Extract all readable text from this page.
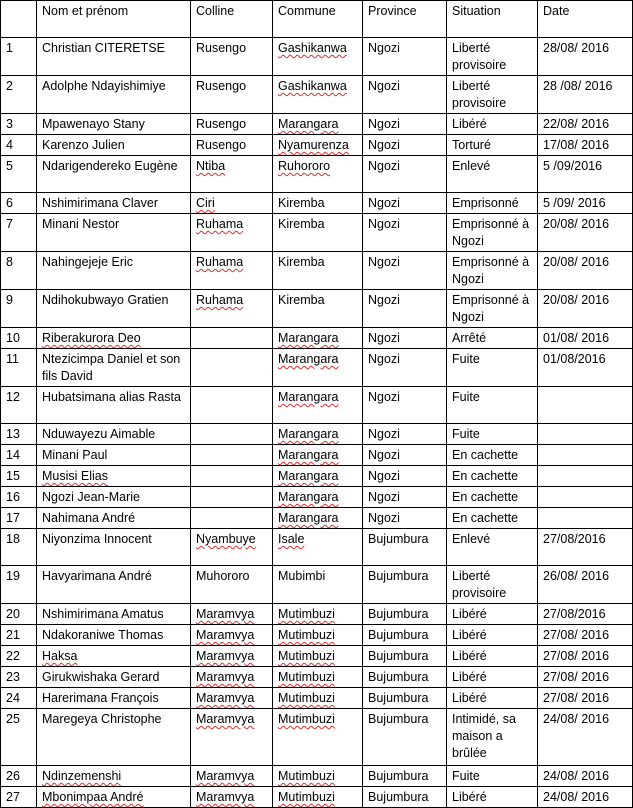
	Nom et prénom	Colline	Commune	Province	Situation	Date
1	Christian CITERETSE	Rusengo	Gashikanwa	Ngozi	Liberté provisoire	28/08/ 2016
2	Adolphe Ndayishimiye	Rusengo	Gashikanwa	Ngozi	Liberté provisoire	28 /08/ 2016
3	Mpawenayo Stany	Rusengo	Marangara	Ngozi	Libéré	22/08/ 2016
4	Karenzo Julien	Rusengo	Nyamurenza	Ngozi	Torturé	17/08/ 2016
5	Ndarigendereko Eugène	Ntiba	Ruhororo	Ngozi	Enlevé	5 /09/2016
6	Nshimirimana Claver	Ciri	Kiremba	Ngozi	Emprisonné	5 /09/ 2016
7	Minani Nestor	Ruhama	Kiremba	Ngozi	Emprisonné à Ngozi	20/08/ 2016
8	Nahingejeje Eric	Ruhama	Kiremba	Ngozi	Emprisonné à Ngozi	20/08/ 2016
9	Ndihokubwayo Gratien	Ruhama	Kiremba	Ngozi	Emprisonné à Ngozi	20/08/ 2016
10	Riberakurora Deo		Marangara	Ngozi	Arrêté	01/08/ 2016
11	Ntezicimpa Daniel et son fils David		Marangara	Ngozi	Fuite	01/08/2016
12	Hubatsimana alias Rasta		Marangara	Ngozi	Fuite	
13	Nduwayezu Aimable		Marangara	Ngozi	Fuite	
14	Minani Paul		Marangara	Ngozi	En cachette	
15	Musisi Elias		Marangara	Ngozi	En cachette	
16	Ngozi Jean-Marie		Marangara	Ngozi	En cachette	
17	Nahimana André		Marangara	Ngozi	En cachette	
18	Niyonzima Innocent	Nyambuye	Isale	Bujumbura	Enlevé	27/08/2016
19	Havyarimana André	Muhororo	Mubimbi	Bujumbura	Liberté provisoire	26/08/ 2016
20	Nshimirimana Amatus	Maramvya	Mutimbuzi	Bujumbura	Libéré	27/08/2016
21	Ndakoraniwe Thomas	Maramvya	Mutimbuzi	Bujumbura	Libéré	27/08/ 2016
22	Haksa	Maramvya	Mutimbuzi	Bujumbura	Libéré	27/08/ 2016
23	Girukwishaka Gerard	Maramvya	Mutimbuzi	Bujumbura	Libéré	27/08/ 2016
24	Harerimana François	Maramvya	Mutimbuzi	Bujumbura	Libéré	27/08/ 2016
25	Maregeya Christophe	Maramvya	Mutimbuzi	Bujumbura	Intimidé, sa maison a brûlée	24/08/ 2016
26	Ndinzemenshi	Maramvya	Mutimbuzi	Bujumbura	Fuite	24/08/ 2016
27	Mbonimpaa André	Maramvya	Mutimbuzi	Bujumbura	Libéré	24/08/ 2016
